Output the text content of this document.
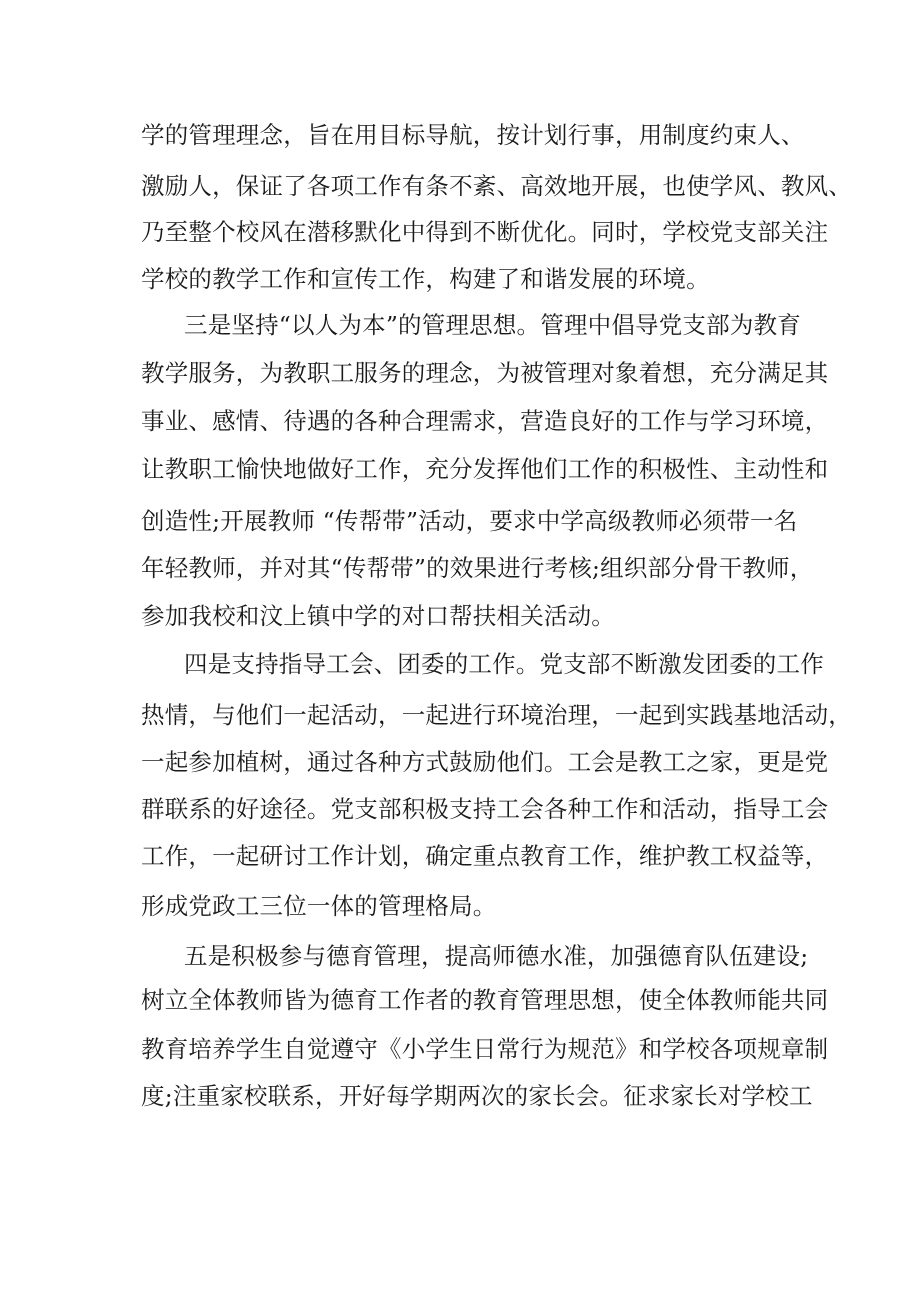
学的管理理念，旨在用目标导航，按计划行事，用制度约束人、
激励人，保证了各项工作有条不紊、高效地开展，也使学风、教风、
乃至整个校风在潜移默化中得到不断优化。同时，学校党支部关注
学校的教学工作和宣传工作，构建了和谐发展的环境。
三是坚持“以人为本”的管理思想。管理中倡导党支部为教育
教学服务，为教职工服务的理念，为被管理对象着想，充分满足其
事业、感情、待遇的各种合理需求，营造良好的工作与学习环境，
让教职工愉快地做好工作，充分发挥他们工作的积极性、主动性和
创造性;开展教师 “传帮带”活动，要求中学高级教师必须带一名
年轻教师，并对其“传帮带”的效果进行考核;组织部分骨干教师，
参加我校和汶上镇中学的对口帮扶相关活动。
四是支持指导工会、团委的工作。党支部不断激发团委的工作
热情，与他们一起活动，一起进行环境治理，一起到实践基地活动，
一起参加植树，通过各种方式鼓励他们。工会是教工之家，更是党
群联系的好途径。党支部积极支持工会各种工作和活动，指导工会
工作，一起研讨工作计划，确定重点教育工作，维护教工权益等，
形成党政工三位一体的管理格局。
五是积极参与德育管理，提高师德水准，加强德育队伍建设;
树立全体教师皆为德育工作者的教育管理思想，使全体教师能共同
教育培养学生自觉遵守《小学生日常行为规范》和学校各项规章制
度;注重家校联系，开好每学期两次的家长会。征求家长对学校工
